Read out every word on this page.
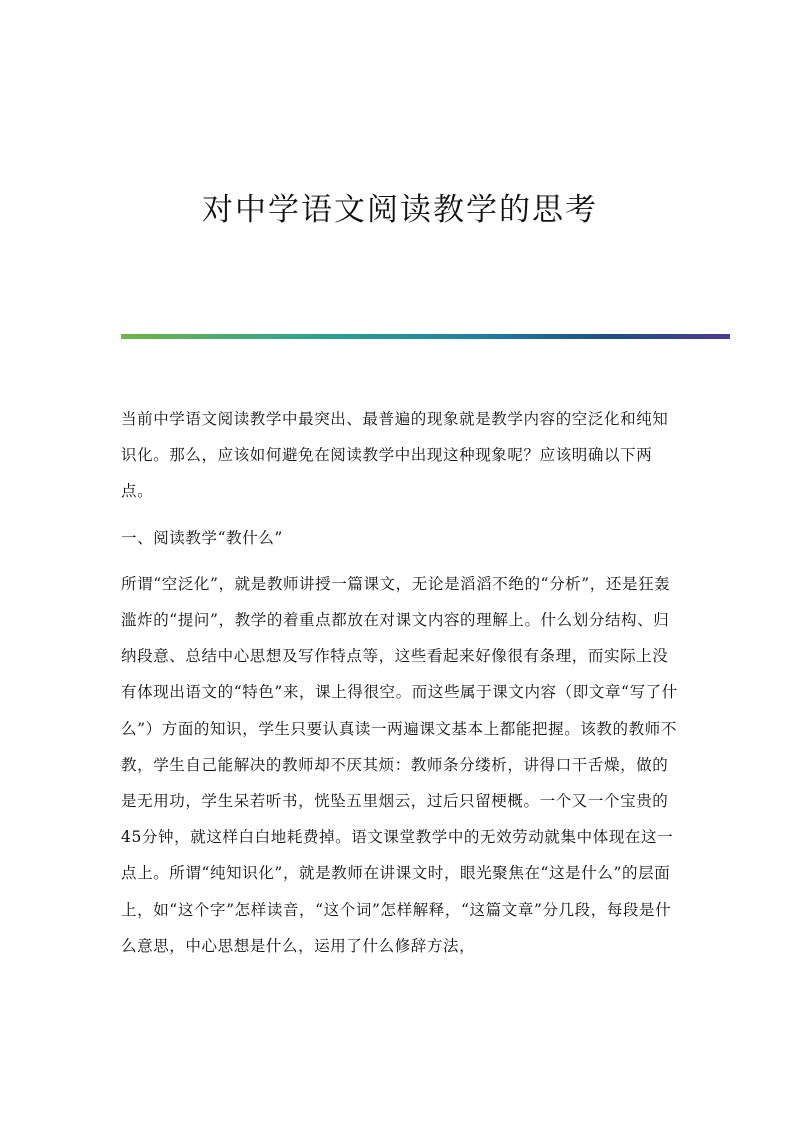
对中学语文阅读教学的思考

当前中学语文阅读教学中最突出、最普遍的现象就是教学内容的空泛化和纯知识化。那么，应该如何避免在阅读教学中出现这种现象呢？应该明确以下两点。

一、阅读教学“教什么”

所谓“空泛化”，就是教师讲授一篇课文，无论是滔滔不绝的“分析”，还是狂轰滥炸的“提问”，教学的着重点都放在对课文内容的理解上。什么划分结构、归纳段意、总结中心思想及写作特点等，这些看起来好像很有条理，而实际上没有体现出语文的“特色”来，课上得很空。而这些属于课文内容（即文章“写了什么”）方面的知识，学生只要认真读一两遍课文基本上都能把握。该教的教师不教，学生自己能解决的教师却不厌其烦：教师条分缕析，讲得口干舌燥，做的是无用功，学生呆若听书，恍坠五里烟云，过后只留梗概。一个又一个宝贵的45分钟，就这样白白地耗费掉。语文课堂教学中的无效劳动就集中体现在这一点上。所谓“纯知识化”，就是教师在讲课文时，眼光聚焦在“这是什么”的层面上，如“这个字”怎样读音，“这个词”怎样解释，“这篇文章”分几段，每段是什么意思，中心思想是什么，运用了什么修辞方法，
